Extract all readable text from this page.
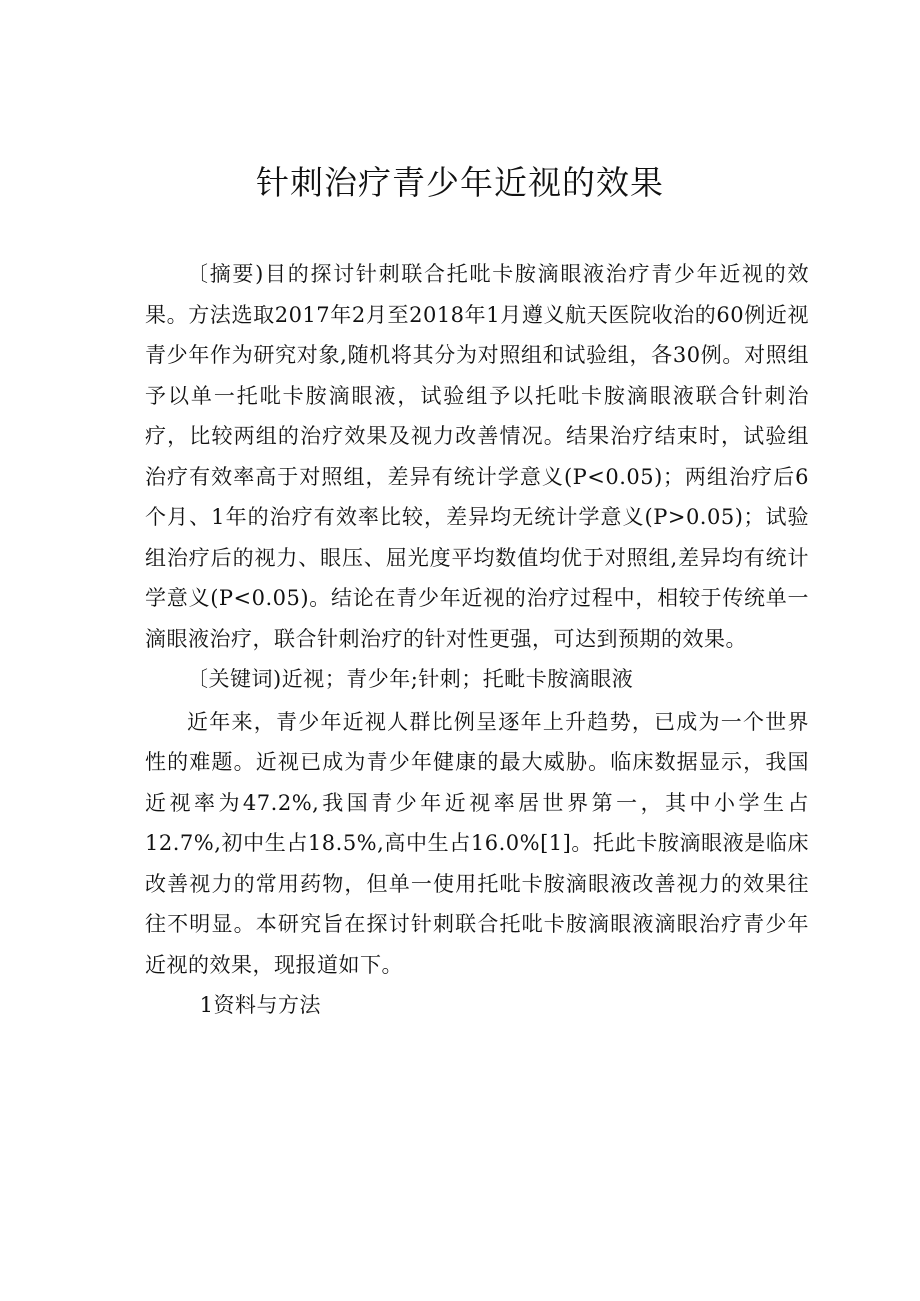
针刺治疗青少年近视的效果

〔摘要)目的探讨针刺联合托吡卡胺滴眼液治疗青少年近视的效果。方法选取2017年2月至2018年1月遵义航天医院收治的60例近视青少年作为研究对象,随机将其分为对照组和试验组，各30例。对照组予以单一托吡卡胺滴眼液，试验组予以托吡卡胺滴眼液联合针刺治疗，比较两组的治疗效果及视力改善情况。结果治疗结束时，试验组治疗有效率高于对照组，差异有统计学意义(P<0.05)；两组治疗后6个月、1年的治疗有效率比较，差异均无统计学意义(P>0.05)；试验组治疗后的视力、眼压、屈光度平均数值均优于对照组,差异均有统计学意义(P<0.05)。结论在青少年近视的治疗过程中，相较于传统单一滴眼液治疗，联合针刺治疗的针对性更强，可达到预期的效果。

〔关键词)近视；青少年;针刺；托毗卡胺滴眼液

近年来，青少年近视人群比例呈逐年上升趋势，已成为一个世界性的难题。近视已成为青少年健康的最大威胁。临床数据显示，我国近视率为47.2%,我国青少年近视率居世界第一，其中小学生占12.7%,初中生占18.5%,高中生占16.0%[1]。托此卡胺滴眼液是临床改善视力的常用药物，但单一使用托吡卡胺滴眼液改善视力的效果往往不明显。本研究旨在探讨针刺联合托吡卡胺滴眼液滴眼治疗青少年近视的效果，现报道如下。

1资料与方法
